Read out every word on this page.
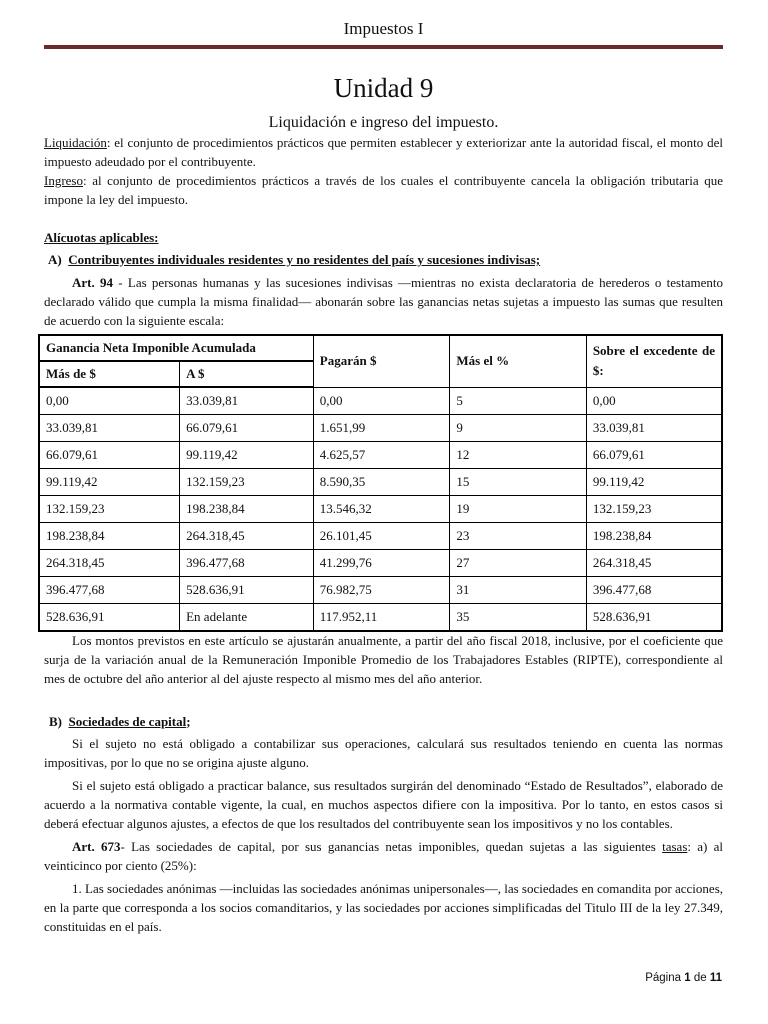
Impuestos I
Unidad 9
Liquidación e ingreso del impuesto.

Liquidación: el conjunto de procedimientos prácticos que permiten establecer y exteriorizar ante la autoridad fiscal, el monto del impuesto adeudado por el contribuyente.

Ingreso: al conjunto de procedimientos prácticos a través de los cuales el contribuyente cancela la obligación tributaria que impone la ley del impuesto.

Alícuotas aplicables:

A) Contribuyentes individuales residentes y no residentes del país y sucesiones indivisas;

Art. 94 - Las personas humanas y las sucesiones indivisas —mientras no exista declaratoria de herederos o testamento declarado válido que cumpla la misma finalidad— abonarán sobre las ganancias netas sujetas a impuesto las sumas que resulten de acuerdo con la siguiente escala:

Ganancia Neta Imponible Acumulada		Pagarán $	Más el %	Sobre el excedente de $:
Más de $	A $			
0,00	33.039,81	0,00	5	0,00
33.039,81	66.079,61	1.651,99	9	33.039,81
66.079,61	99.119,42	4.625,57	12	66.079,61
99.119,42	132.159,23	8.590,35	15	99.119,42
132.159,23	198.238,84	13.546,32	19	132.159,23
198.238,84	264.318,45	26.101,45	23	198.238,84
264.318,45	396.477,68	41.299,76	27	264.318,45
396.477,68	528.636,91	76.982,75	31	396.477,68
528.636,91	En adelante	117.952,11	35	528.636,91

Los montos previstos en este artículo se ajustarán anualmente, a partir del año fiscal 2018, inclusive, por el coeficiente que surja de la variación anual de la Remuneración Imponible Promedio de los Trabajadores Estables (RIPTE), correspondiente al mes de octubre del año anterior al del ajuste respecto al mismo mes del año anterior.

B) Sociedades de capital;

Si el sujeto no está obligado a contabilizar sus operaciones, calculará sus resultados teniendo en cuenta las normas impositivas, por lo que no se origina ajuste alguno.

Si el sujeto está obligado a practicar balance, sus resultados surgirán del denominado “Estado de Resultados”, elaborado de acuerdo a la normativa contable vigente, la cual, en muchos aspectos difiere con la impositiva. Por lo tanto, en estos casos si deberá efectuar algunos ajustes, a efectos de que los resultados del contribuyente sean los impositivos y no los contables.

Art. 673- Las sociedades de capital, por sus ganancias netas imponibles, quedan sujetas a las siguientes tasas: a) al veinticinco por ciento (25%):

1. Las sociedades anónimas —incluidas las sociedades anónimas unipersonales—, las sociedades en comandita por acciones, en la parte que corresponda a los socios comanditarios, y las sociedades por acciones simplificadas del Titulo III de la ley 27.349, constituidas en el país.

Página 1 de 11
